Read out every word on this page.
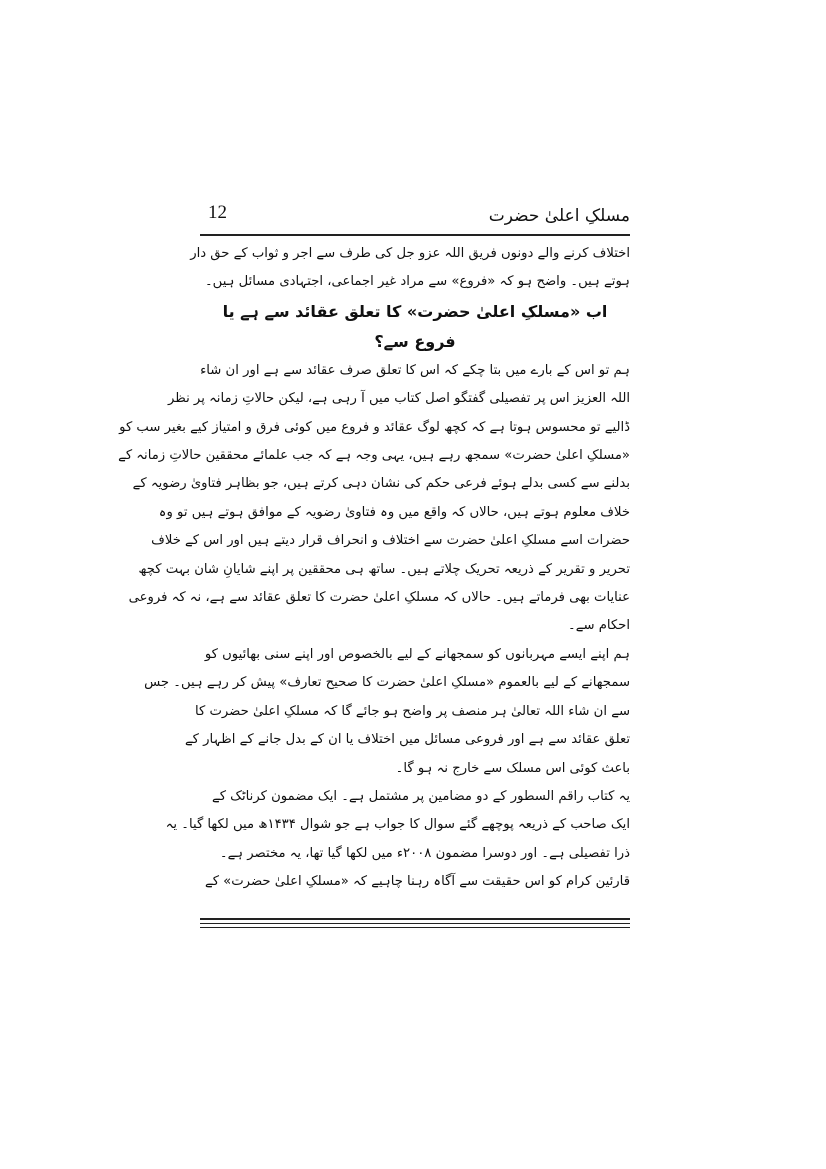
مسلکِ اعلیٰ حضرت
12

اختلاف کرنے والے دونوں فریق اللہ عزو جل کی طرف سے اجر و ثواب کے حق دار
ہوتے ہیں۔ واضح ہو کہ «فروع» سے مراد غیر اجماعی، اجتہادی مسائل ہیں۔

اب «مسلکِ اعلیٰ حضرت» کا تعلق عقائد سے ہے یا فروع سے؟

ہم تو اس کے بارے میں بتا چکے کہ اس کا تعلق صرف عقائد سے ہے اور ان شاء
اللہ العزیز اس پر تفصیلی گفتگو اصل کتاب میں آ رہی ہے، لیکن حالاتِ زمانہ پر نظر
ڈالیے تو محسوس ہوتا ہے کہ کچھ لوگ عقائد و فروع میں کوئی فرق و امتیاز کیے بغیر سب کو
«مسلکِ اعلیٰ حضرت» سمجھ رہے ہیں، یہی وجہ ہے کہ جب علمائے محققین حالاتِ زمانہ کے
بدلنے سے کسی بدلے ہوئے فرعی حکم کی نشان دہی کرتے ہیں، جو بظاہر فتاویٰ رضویہ کے
خلاف معلوم ہوتے ہیں، حالاں کہ واقع میں وہ فتاویٰ رضویہ کے موافق ہوتے ہیں تو وہ
حضرات اسے مسلکِ اعلیٰ حضرت سے اختلاف و انحراف قرار دیتے ہیں اور اس کے خلاف
تحریر و تقریر کے ذریعہ تحریک چلاتے ہیں۔ ساتھ ہی محققین پر اپنے شایانِ شان بہت کچھ
عنایات بھی فرماتے ہیں۔ حالاں کہ مسلکِ اعلیٰ حضرت کا تعلق عقائد سے ہے، نہ کہ فروعی
احکام سے۔

ہم اپنے ایسے مہربانوں کو سمجھانے کے لیے بالخصوص اور اپنے سنی بھائیوں کو
سمجھانے کے لیے بالعموم «مسلکِ اعلیٰ حضرت کا صحیح تعارف» پیش کر رہے ہیں۔ جس
سے ان شاء اللہ تعالیٰ ہر منصف پر واضح ہو جائے گا کہ مسلکِ اعلیٰ حضرت کا
تعلق عقائد سے ہے اور فروعی مسائل میں اختلاف یا ان کے بدل جانے کے اظہار کے
باعث کوئی اس مسلک سے خارج نہ ہو گا۔

یہ کتاب راقم السطور کے دو مضامین پر مشتمل ہے۔ ایک مضمون کرناٹک کے
ایک صاحب کے ذریعہ پوچھے گئے سوال کا جواب ہے جو شوال ۱۴۳۴ھ میں لکھا گیا۔ یہ
ذرا تفصیلی ہے۔ اور دوسرا مضمون ۲۰۰۸ء میں لکھا گیا تھا، یہ مختصر ہے۔

قارئین کرام کو اس حقیقت سے آگاہ رہنا چاہیے کہ «مسلکِ اعلیٰ حضرت» کے
